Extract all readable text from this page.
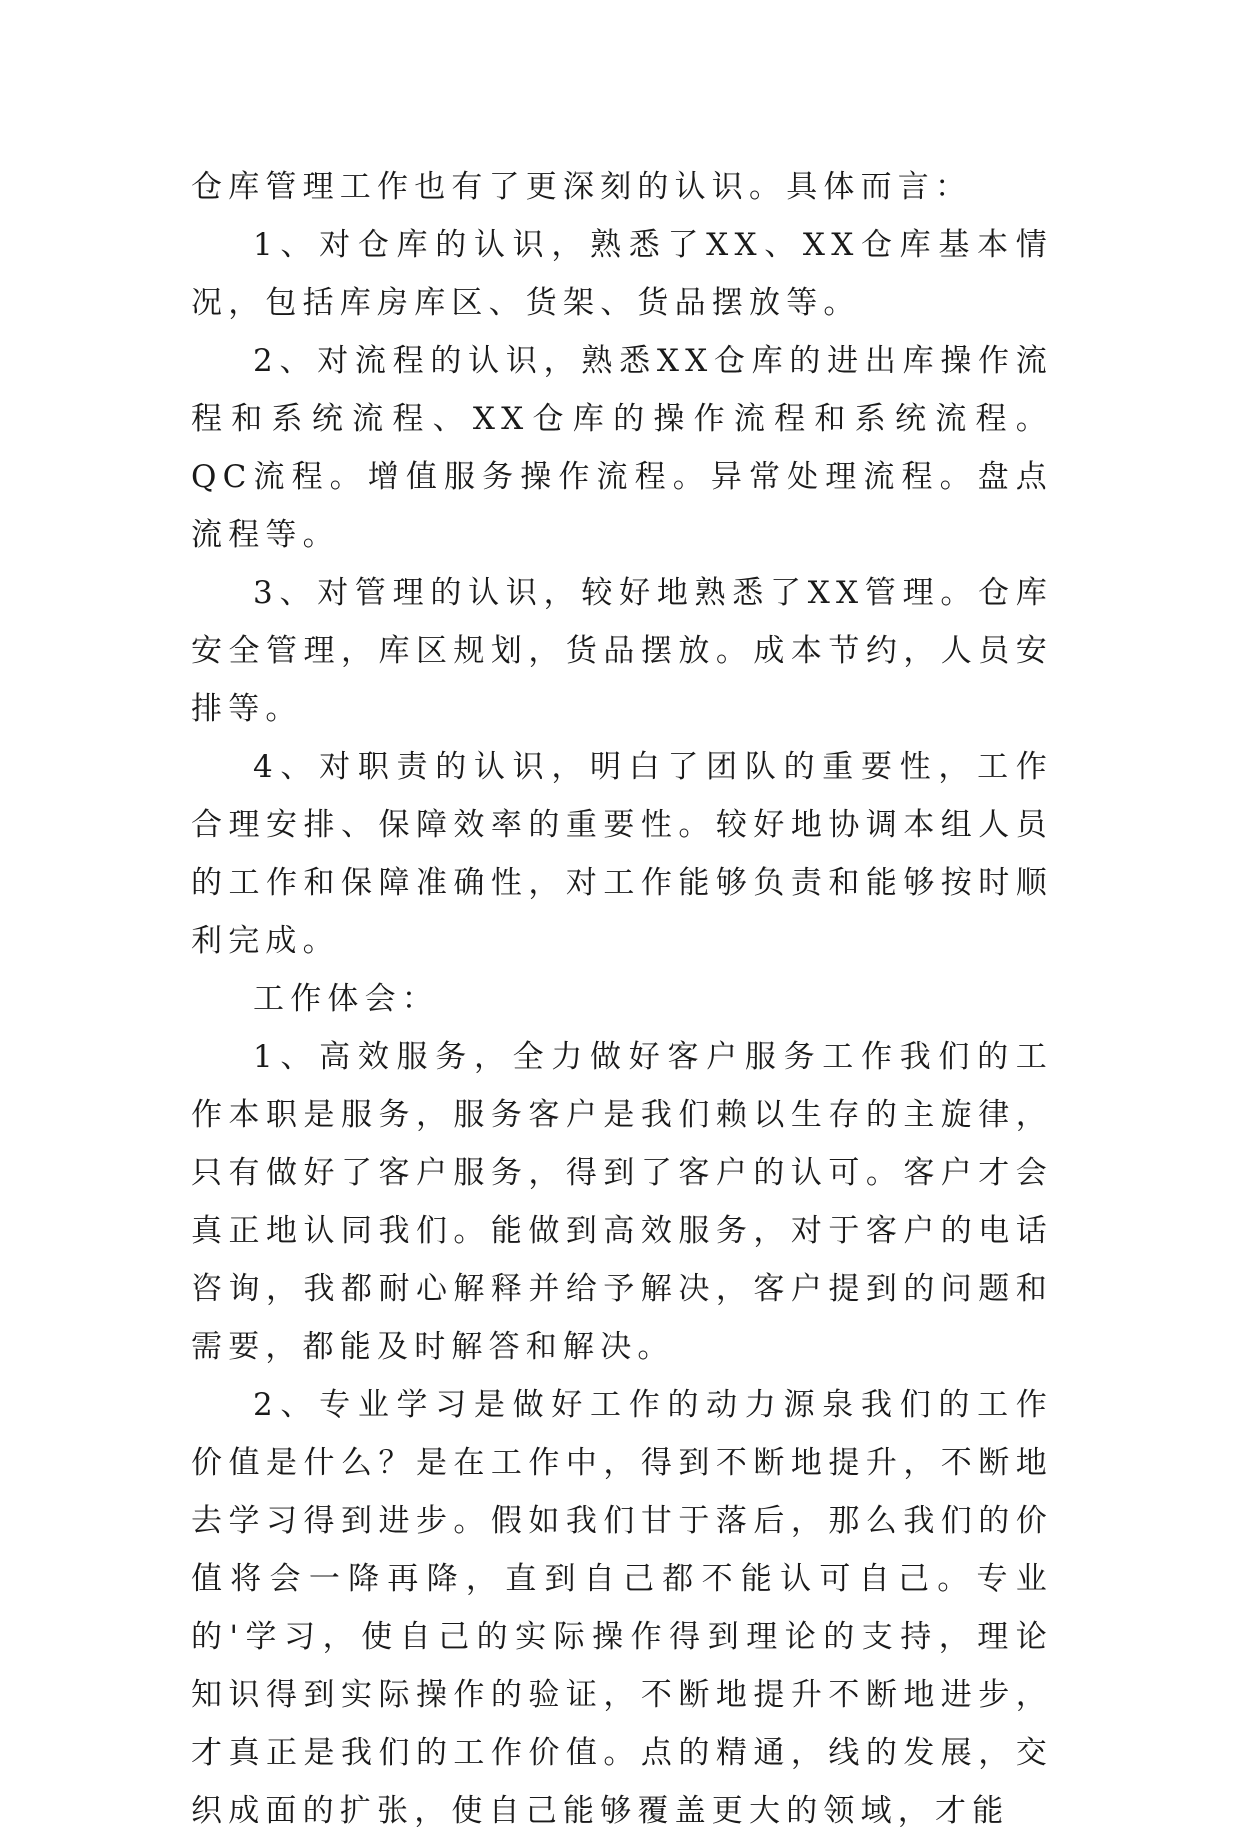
仓库管理工作也有了更深刻的认识。具体而言：

1、对仓库的认识，熟悉了XX、XX仓库基本情况，包括库房库区、货架、货品摆放等。

2、对流程的认识，熟悉XX仓库的进出库操作流程和系统流程、XX仓库的操作流程和系统流程。QC流程。增值服务操作流程。异常处理流程。盘点流程等。

3、对管理的认识，较好地熟悉了XX管理。仓库安全管理，库区规划，货品摆放。成本节约，人员安排等。

4、对职责的认识，明白了团队的重要性，工作合理安排、保障效率的重要性。较好地协调本组人员的工作和保障准确性，对工作能够负责和能够按时顺利完成。

工作体会：

1、高效服务，全力做好客户服务工作我们的工作本职是服务，服务客户是我们赖以生存的主旋律，只有做好了客户服务，得到了客户的认可。客户才会真正地认同我们。能做到高效服务，对于客户的电话咨询，我都耐心解释并给予解决，客户提到的问题和需要，都能及时解答和解决。

2、专业学习是做好工作的动力源泉我们的工作价值是什么？是在工作中，得到不断地提升，不断地去学习得到进步。假如我们甘于落后，那么我们的价值将会一降再降，直到自己都不能认可自己。专业的'学习，使自己的实际操作得到理论的支持，理论知识得到实际操作的验证，不断地提升不断地进步，才真正是我们的工作价值。点的精通，线的发展，交织成面的扩张，使自己能够覆盖更大的领域，才能
